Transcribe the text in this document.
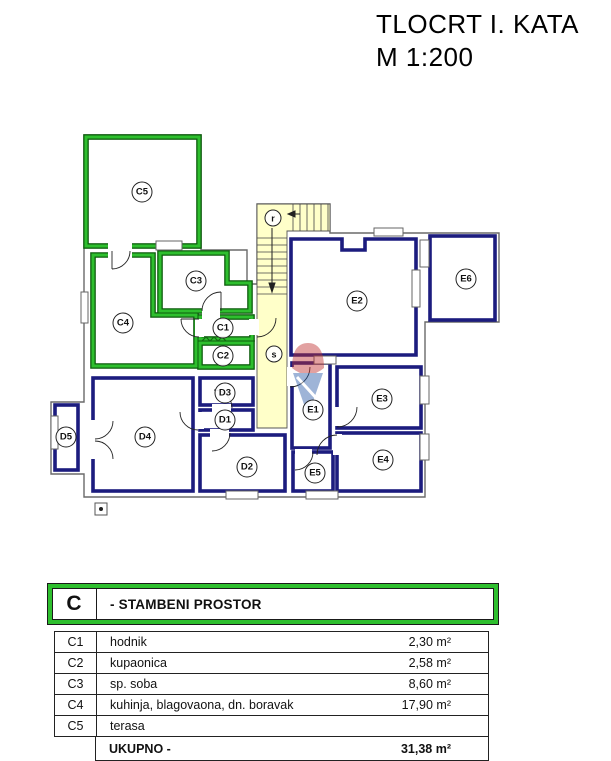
TLOCRT I. KATA
M 1:200
C5
C4
C3
C1
C2
r
s
E2
E6
E1
E3
E4
E5
D5	D4
D3
D1
D2
C	- STAMBENI PROSTOR
C1	hodnik	2,30 m²
C2	kupaonica	2,58 m²
C3	sp. soba	8,60 m²
C4	kuhinja, blagovaona, dn. boravak	17,90 m²
C5	terasa
UKUPNO -	31,38 m²
